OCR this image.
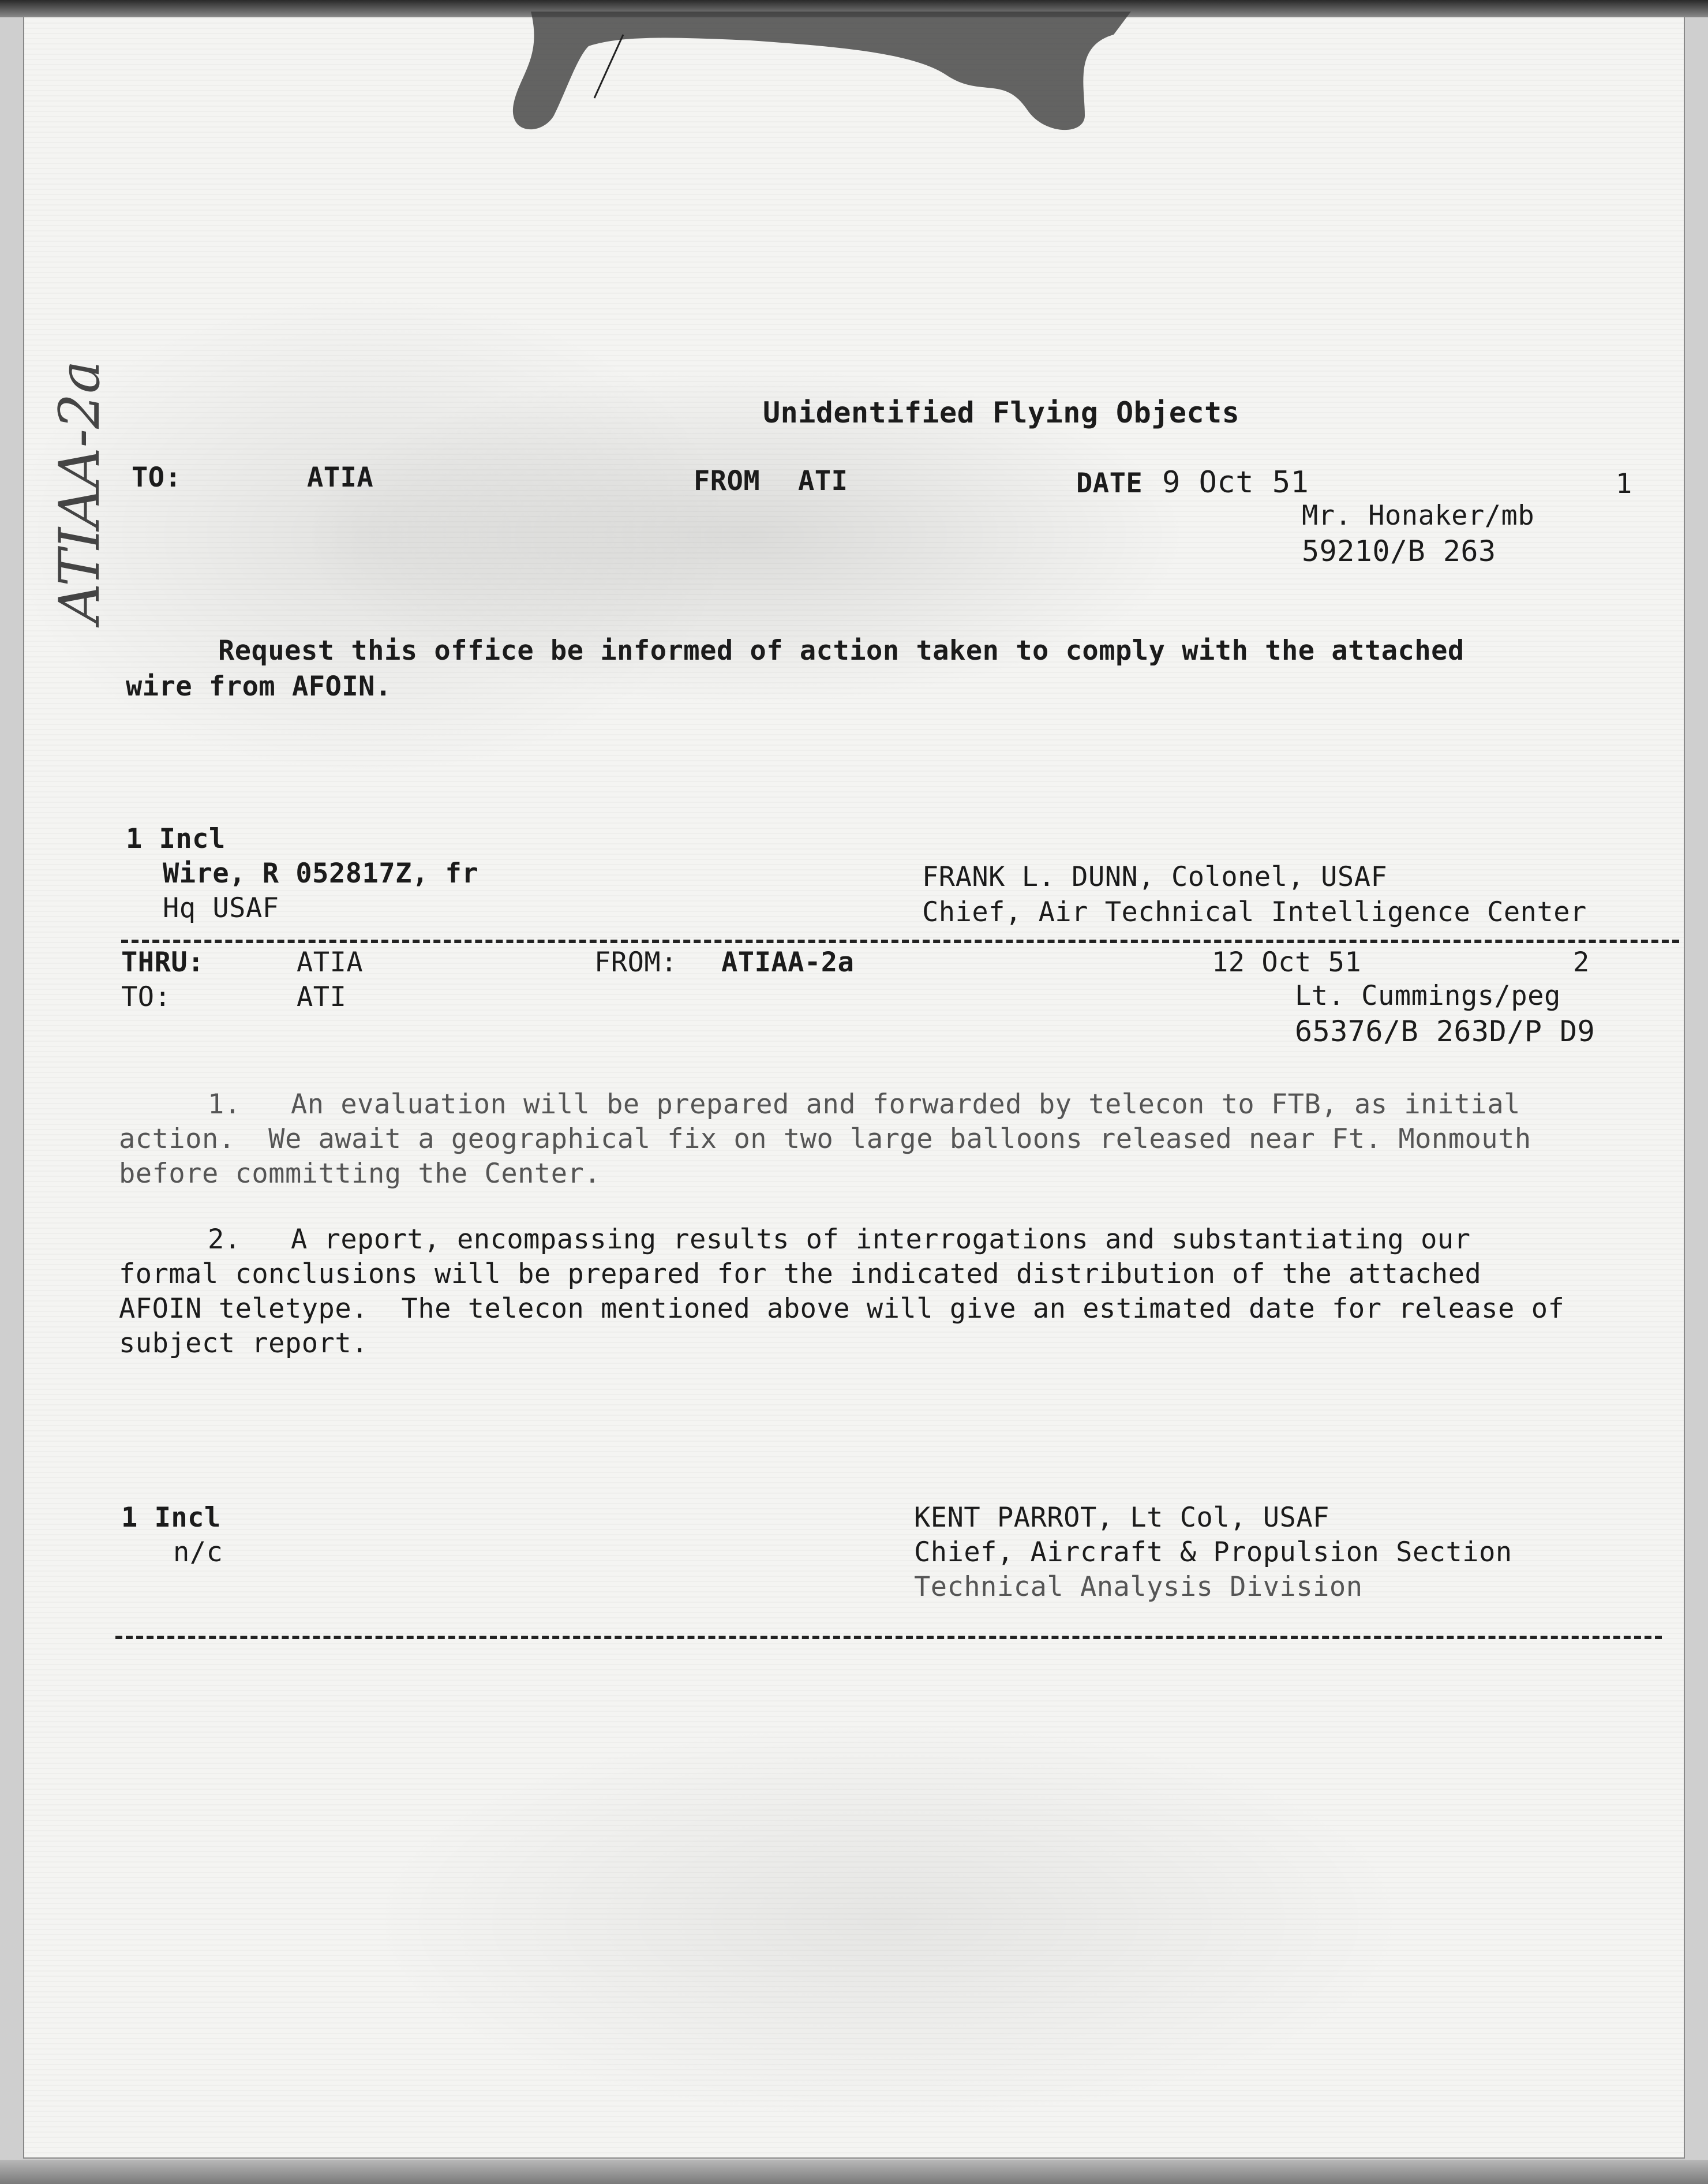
ATIAA-2a	Unidentified Flying Objects
TO:	ATIA	FROM ATI	DATE 9 Oct 51	1
Mr. Honaker/mb
59210/B 263
Request this office be informed of action taken to comply with the attached
wire from AFOIN.
1 Incl
Wire, R 052817Z, fr
Hq USAF
FRANK L. DUNN, Colonel, USAF
Chief, Air Technical Intelligence Center
THRU:	ATIA	FROM: ATIAA-2a	12 Oct 51	2
TO:	ATI	Lt. Cummings/peg
65376/B 263D/P D9
1.   An evaluation will be prepared and forwarded by telecon to FTB, as initial
action.  We await a geographical fix on two large balloons released near Ft. Monmouth
before committing the Center.
2.   A report, encompassing results of interrogations and substantiating our
formal conclusions will be prepared for the indicated distribution of the attached
AFOIN teletype.  The telecon mentioned above will give an estimated date for release of
subject report.
1 Incl
n/c
KENT PARROT, Lt Col, USAF
Chief, Aircraft & Propulsion Section
Technical Analysis Division
